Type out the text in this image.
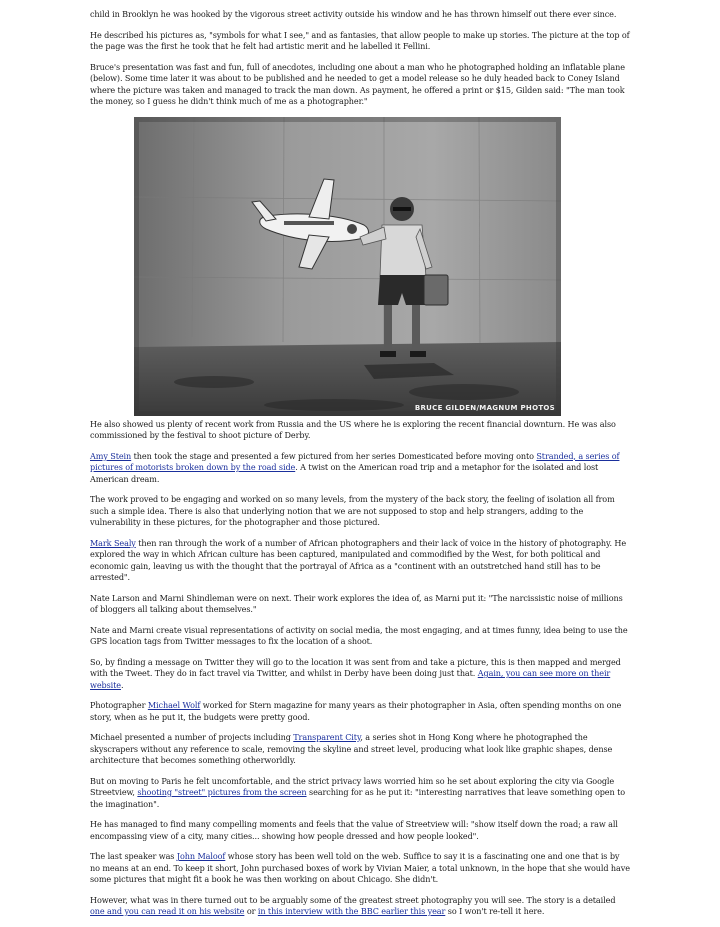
child in Brooklyn he was hooked by the vigorous street activity outside his window and he has thrown himself out there ever since.

He described his pictures as, "symbols for what I see," and as fantasies, that allow people to make up stories. The picture at the top of the page was the first he took that he felt had artistic merit and he labelled it Fellini.

Bruce's presentation was fast and fun, full of anecdotes, including one about a man who he photographed holding an inflatable plane (below). Some time later it was about to be published and he needed to get a model release so he duly headed back to Coney Island where the picture was taken and managed to track the man down. As payment, he offered a print or $15, Gilden said: "The man took the money, so I guess he didn't think much of me as a photographer."

BRUCE GILDEN/MAGNUM PHOTOS

He also showed us plenty of recent work from Russia and the US where he is exploring the recent financial downturn. He was also commissioned by the festival to shoot picture of Derby.

Amy Stein then took the stage and presented a few pictured from her series Domesticated before moving onto Stranded, a series of pictures of motorists broken down by the road side. A twist on the American road trip and a metaphor for the isolated and lost American dream.

The work proved to be engaging and worked on so many levels, from the mystery of the back story, the feeling of isolation all from such a simple idea. There is also that underlying notion that we are not supposed to stop and help strangers, adding to the vulnerability in these pictures, for the photographer and those pictured.

Mark Sealy then ran through the work of a number of African photographers and their lack of voice in the history of photography. He explored the way in which African culture has been captured, manipulated and commodified by the West, for both political and economic gain, leaving us with the thought that the portrayal of Africa as a "continent with an outstretched hand still has to be arrested".

Nate Larson and Marni Shindleman were on next. Their work explores the idea of, as Marni put it: "The narcissistic noise of millions of bloggers all talking about themselves."

Nate and Marni create visual representations of activity on social media, the most engaging, and at times funny, idea being to use the GPS location tags from Twitter messages to fix the location of a shoot.

So, by finding a message on Twitter they will go to the location it was sent from and take a picture, this is then mapped and merged with the Tweet. They do in fact travel via Twitter, and whilst in Derby have been doing just that. Again, you can see more on their website.

Photographer Michael Wolf worked for Stern magazine for many years as their photographer in Asia, often spending months on one story, when as he put it, the budgets were pretty good.

Michael presented a number of projects including Transparent City, a series shot in Hong Kong where he photographed the skyscrapers without any reference to scale, removing the skyline and street level, producing what look like graphic shapes, dense architecture that becomes something otherworldly.

But on moving to Paris he felt uncomfortable, and the strict privacy laws worried him so he set about exploring the city via Google Streetview, shooting "street" pictures from the screen searching for as he put it: "interesting narratives that leave something open to the imagination".

He has managed to find many compelling moments and feels that the value of Streetview will: "show itself down the road; a raw all encompassing view of a city, many cities... showing how people dressed and how people looked".

The last speaker was John Maloof whose story has been well told on the web. Suffice to say it is a fascinating one and one that is by no means at an end. To keep it short, John purchased boxes of work by Vivian Maier, a total unknown, in the hope that she would have some pictures that might fit a book he was then working on about Chicago. She didn't.

However, what was in there turned out to be arguably some of the greatest street photography you will see. The story is a detailed one and you can read it on his website or in this interview with the BBC earlier this year so I won't re-tell it here.
